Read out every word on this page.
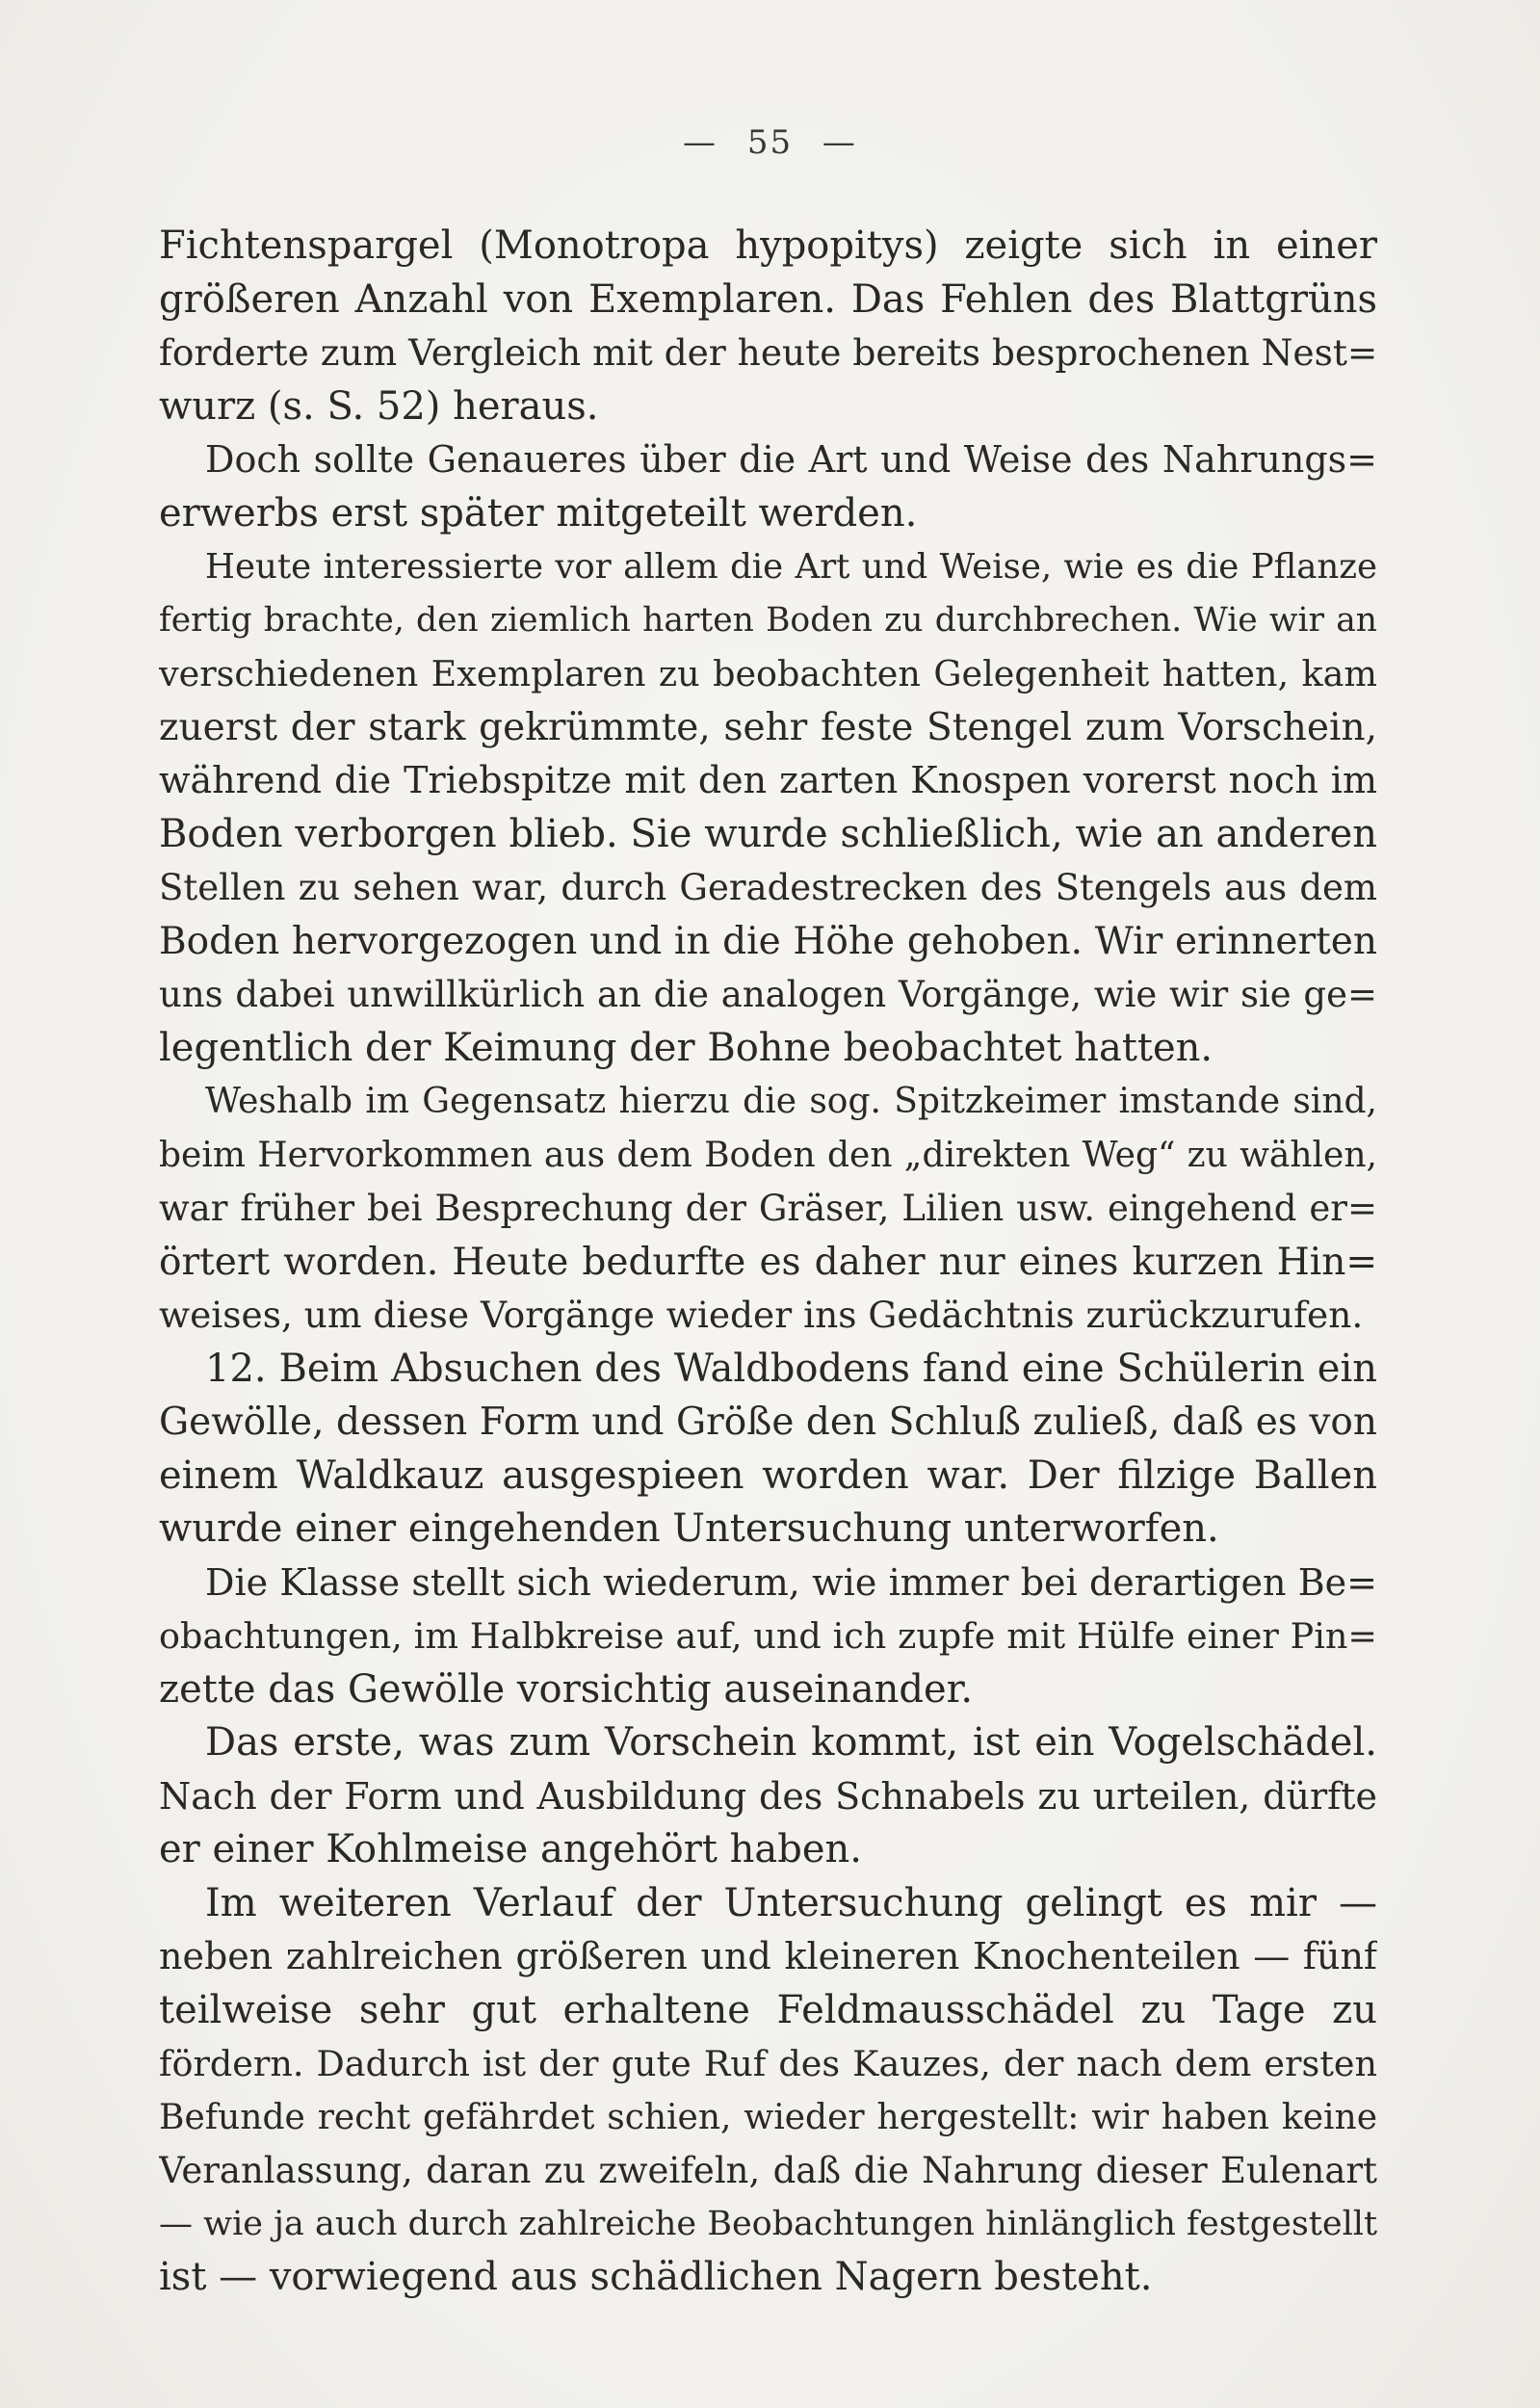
— 55 —
Fichtenspargel (Monotropa hypopitys) zeigte sich in einer
größeren Anzahl von Exemplaren. Das Fehlen des Blattgrüns
forderte zum Vergleich mit der heute bereits besprochenen Nest=
wurz (s. S. 52) heraus.
Doch sollte Genaueres über die Art und Weise des Nahrungs=
erwerbs erst später mitgeteilt werden.
Heute interessierte vor allem die Art und Weise, wie es die Pflanze
fertig brachte, den ziemlich harten Boden zu durchbrechen. Wie wir an
verschiedenen Exemplaren zu beobachten Gelegenheit hatten, kam
zuerst der stark gekrümmte, sehr feste Stengel zum Vorschein,
während die Triebspitze mit den zarten Knospen vorerst noch im
Boden verborgen blieb. Sie wurde schließlich, wie an anderen
Stellen zu sehen war, durch Geradestrecken des Stengels aus dem
Boden hervorgezogen und in die Höhe gehoben. Wir erinnerten
uns dabei unwillkürlich an die analogen Vorgänge, wie wir sie ge=
legentlich der Keimung der Bohne beobachtet hatten.
Weshalb im Gegensatz hierzu die sog. Spitzkeimer imstande sind,
beim Hervorkommen aus dem Boden den „direkten Weg“ zu wählen,
war früher bei Besprechung der Gräser, Lilien usw. eingehend er=
örtert worden. Heute bedurfte es daher nur eines kurzen Hin=
weises, um diese Vorgänge wieder ins Gedächtnis zurückzurufen.
12. Beim Absuchen des Waldbodens fand eine Schülerin ein
Gewölle, dessen Form und Größe den Schluß zuließ, daß es von
einem Waldkauz ausgespieen worden war. Der filzige Ballen
wurde einer eingehenden Untersuchung unterworfen.
Die Klasse stellt sich wiederum, wie immer bei derartigen Be=
obachtungen, im Halbkreise auf, und ich zupfe mit Hülfe einer Pin=
zette das Gewölle vorsichtig auseinander.
Das erste, was zum Vorschein kommt, ist ein Vogelschädel.
Nach der Form und Ausbildung des Schnabels zu urteilen, dürfte
er einer Kohlmeise angehört haben.
Im weiteren Verlauf der Untersuchung gelingt es mir —
neben zahlreichen größeren und kleineren Knochenteilen — fünf
teilweise sehr gut erhaltene Feldmausschädel zu Tage zu
fördern. Dadurch ist der gute Ruf des Kauzes, der nach dem ersten
Befunde recht gefährdet schien, wieder hergestellt: wir haben keine
Veranlassung, daran zu zweifeln, daß die Nahrung dieser Eulenart
— wie ja auch durch zahlreiche Beobachtungen hinlänglich festgestellt
ist — vorwiegend aus schädlichen Nagern besteht.
